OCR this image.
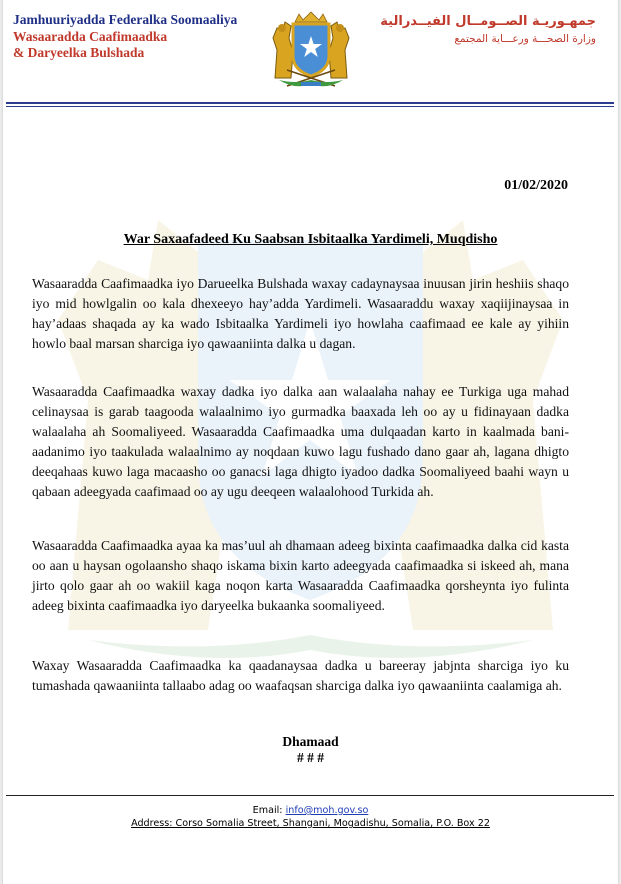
Jamhuuriyadda Federalka Soomaaliya
Wasaaradda Caafimaadka
& Daryeelka Bulshada
جمهـوريـة الصــومــال الفيــدرالية
وزارة الصحـــة ورعـــاية المجتمع
01/02/2020
War Saxaafadeed Ku Saabsan Isbitaalka Yardimeli, Muqdisho
Wasaaradda Caafimaadka iyo Darueelka Bulshada waxay cadaynaysaa inuusan jirin heshiis shaqo iyo mid howlgalin oo kala dhexeeyo hay’adda Yardimeli. Wasaaraddu waxay xaqiijinaysaa in hay’adaas shaqada ay ka wado Isbitaalka Yardimeli iyo howlaha caafimaad ee kale ay yihiin howlo baal marsan sharciga iyo qawaaniinta dalka u dagan.
Wasaaradda Caafimaadka waxay dadka iyo dalka aan walaalaha nahay ee Turkiga uga mahad celinaysaa is garab taagooda walaalnimo iyo gurmadka baaxada leh oo ay u fidinayaan dadka walaalaha ah Soomaliyeed. Wasaaradda Caafimaadka uma dulqaadan karto in kaalmada bani-aadanimo iyo taakulada walaalnimo ay noqdaan kuwo lagu fushado dano gaar ah, lagana dhigto deeqahaas kuwo laga macaasho oo ganacsi laga dhigto iyadoo dadka Soomaliyeed baahi wayn u qabaan adeegyada caafimaad oo ay ugu deeqeen walaalohood Turkida ah.
Wasaaradda Caafimaadka ayaa ka mas’uul ah dhamaan adeeg bixinta caafimaadka dalka cid kasta oo aan u haysan ogolaansho shaqo iskama bixin karto adeegyada caafimaadka si iskeed ah, mana jirto qolo gaar ah oo wakiil kaga noqon karta Wasaaradda Caafimaadka qorsheynta iyo fulinta adeeg bixinta caafimaadka iyo daryeelka bukaanka soomaliyeed.
Waxay Wasaaradda Caafimaadka ka qaadanaysaa dadka u bareeray jabjnta sharciga iyo ku tumashada qawaaniinta tallaabo adag oo waafaqsan sharciga dalka iyo qawaaniinta caalamiga ah.
Dhamaad
# # #
Email: info@moh.gov.so
Address: Corso Somalia Street, Shangani, Mogadishu, Somalia, P.O. Box 22
